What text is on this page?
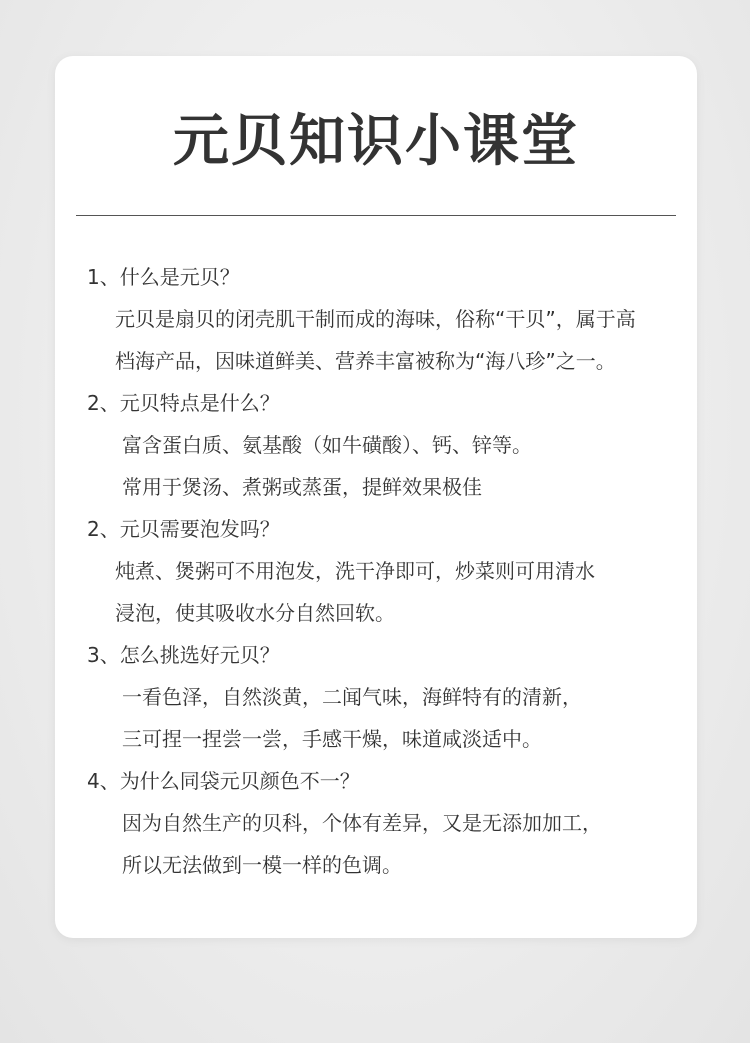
元贝知识小课堂
1、什么是元贝？
元贝是扇贝的闭壳肌干制而成的海味，俗称“干贝”，属于高
档海产品，因味道鲜美、营养丰富被称为“海八珍”之一。
2、元贝特点是什么？
富含蛋白质、氨基酸（如牛磺酸）、钙、锌等。
常用于煲汤、煮粥或蒸蛋，提鲜效果极佳
2、元贝需要泡发吗？
炖煮、煲粥可不用泡发，洗干净即可，炒菜则可用清水
浸泡，使其吸收水分自然回软。
3、怎么挑选好元贝？
一看色泽，自然淡黄，二闻气味，海鲜特有的清新，
三可捏一捏尝一尝，手感干燥，味道咸淡适中。
4、为什么同袋元贝颜色不一？
因为自然生产的贝科，个体有差异，又是无添加加工，
所以无法做到一模一样的色调。
